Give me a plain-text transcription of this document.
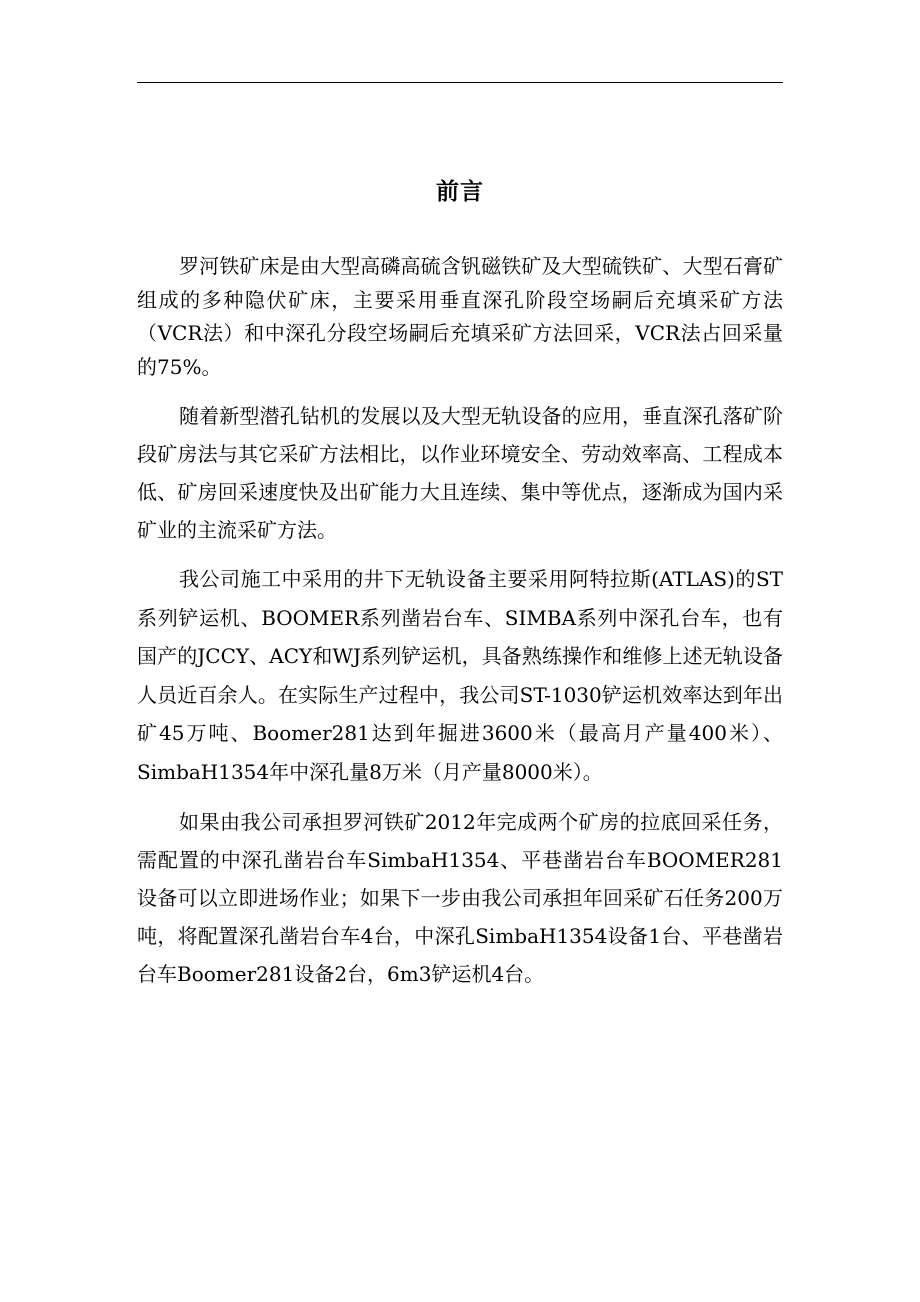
前言

罗河铁矿床是由大型高磷高硫含钒磁铁矿及大型硫铁矿、大型石膏矿组成的多种隐伏矿床，主要采用垂直深孔阶段空场嗣后充填采矿方法（VCR法）和中深孔分段空场嗣后充填采矿方法回采，VCR法占回采量的75%。

随着新型潜孔钻机的发展以及大型无轨设备的应用，垂直深孔落矿阶段矿房法与其它采矿方法相比，以作业环境安全、劳动效率高、工程成本低、矿房回采速度快及出矿能力大且连续、集中等优点，逐渐成为国内采矿业的主流采矿方法。

我公司施工中采用的井下无轨设备主要采用阿特拉斯(ATLAS)的ST系列铲运机、BOOMER系列凿岩台车、SIMBA系列中深孔台车，也有国产的JCCY、ACY和WJ系列铲运机，具备熟练操作和维修上述无轨设备人员近百余人。在实际生产过程中，我公司ST-1030铲运机效率达到年出矿45万吨、Boomer281达到年掘进3600米（最高月产量400米）、SimbaH1354年中深孔量8万米（月产量8000米）。

如果由我公司承担罗河铁矿2012年完成两个矿房的拉底回采任务，需配置的中深孔凿岩台车SimbaH1354、平巷凿岩台车BOOMER281设备可以立即进场作业；如果下一步由我公司承担年回采矿石任务200万吨，将配置深孔凿岩台车4台，中深孔SimbaH1354设备1台、平巷凿岩台车Boomer281设备2台，6m3铲运机4台。
